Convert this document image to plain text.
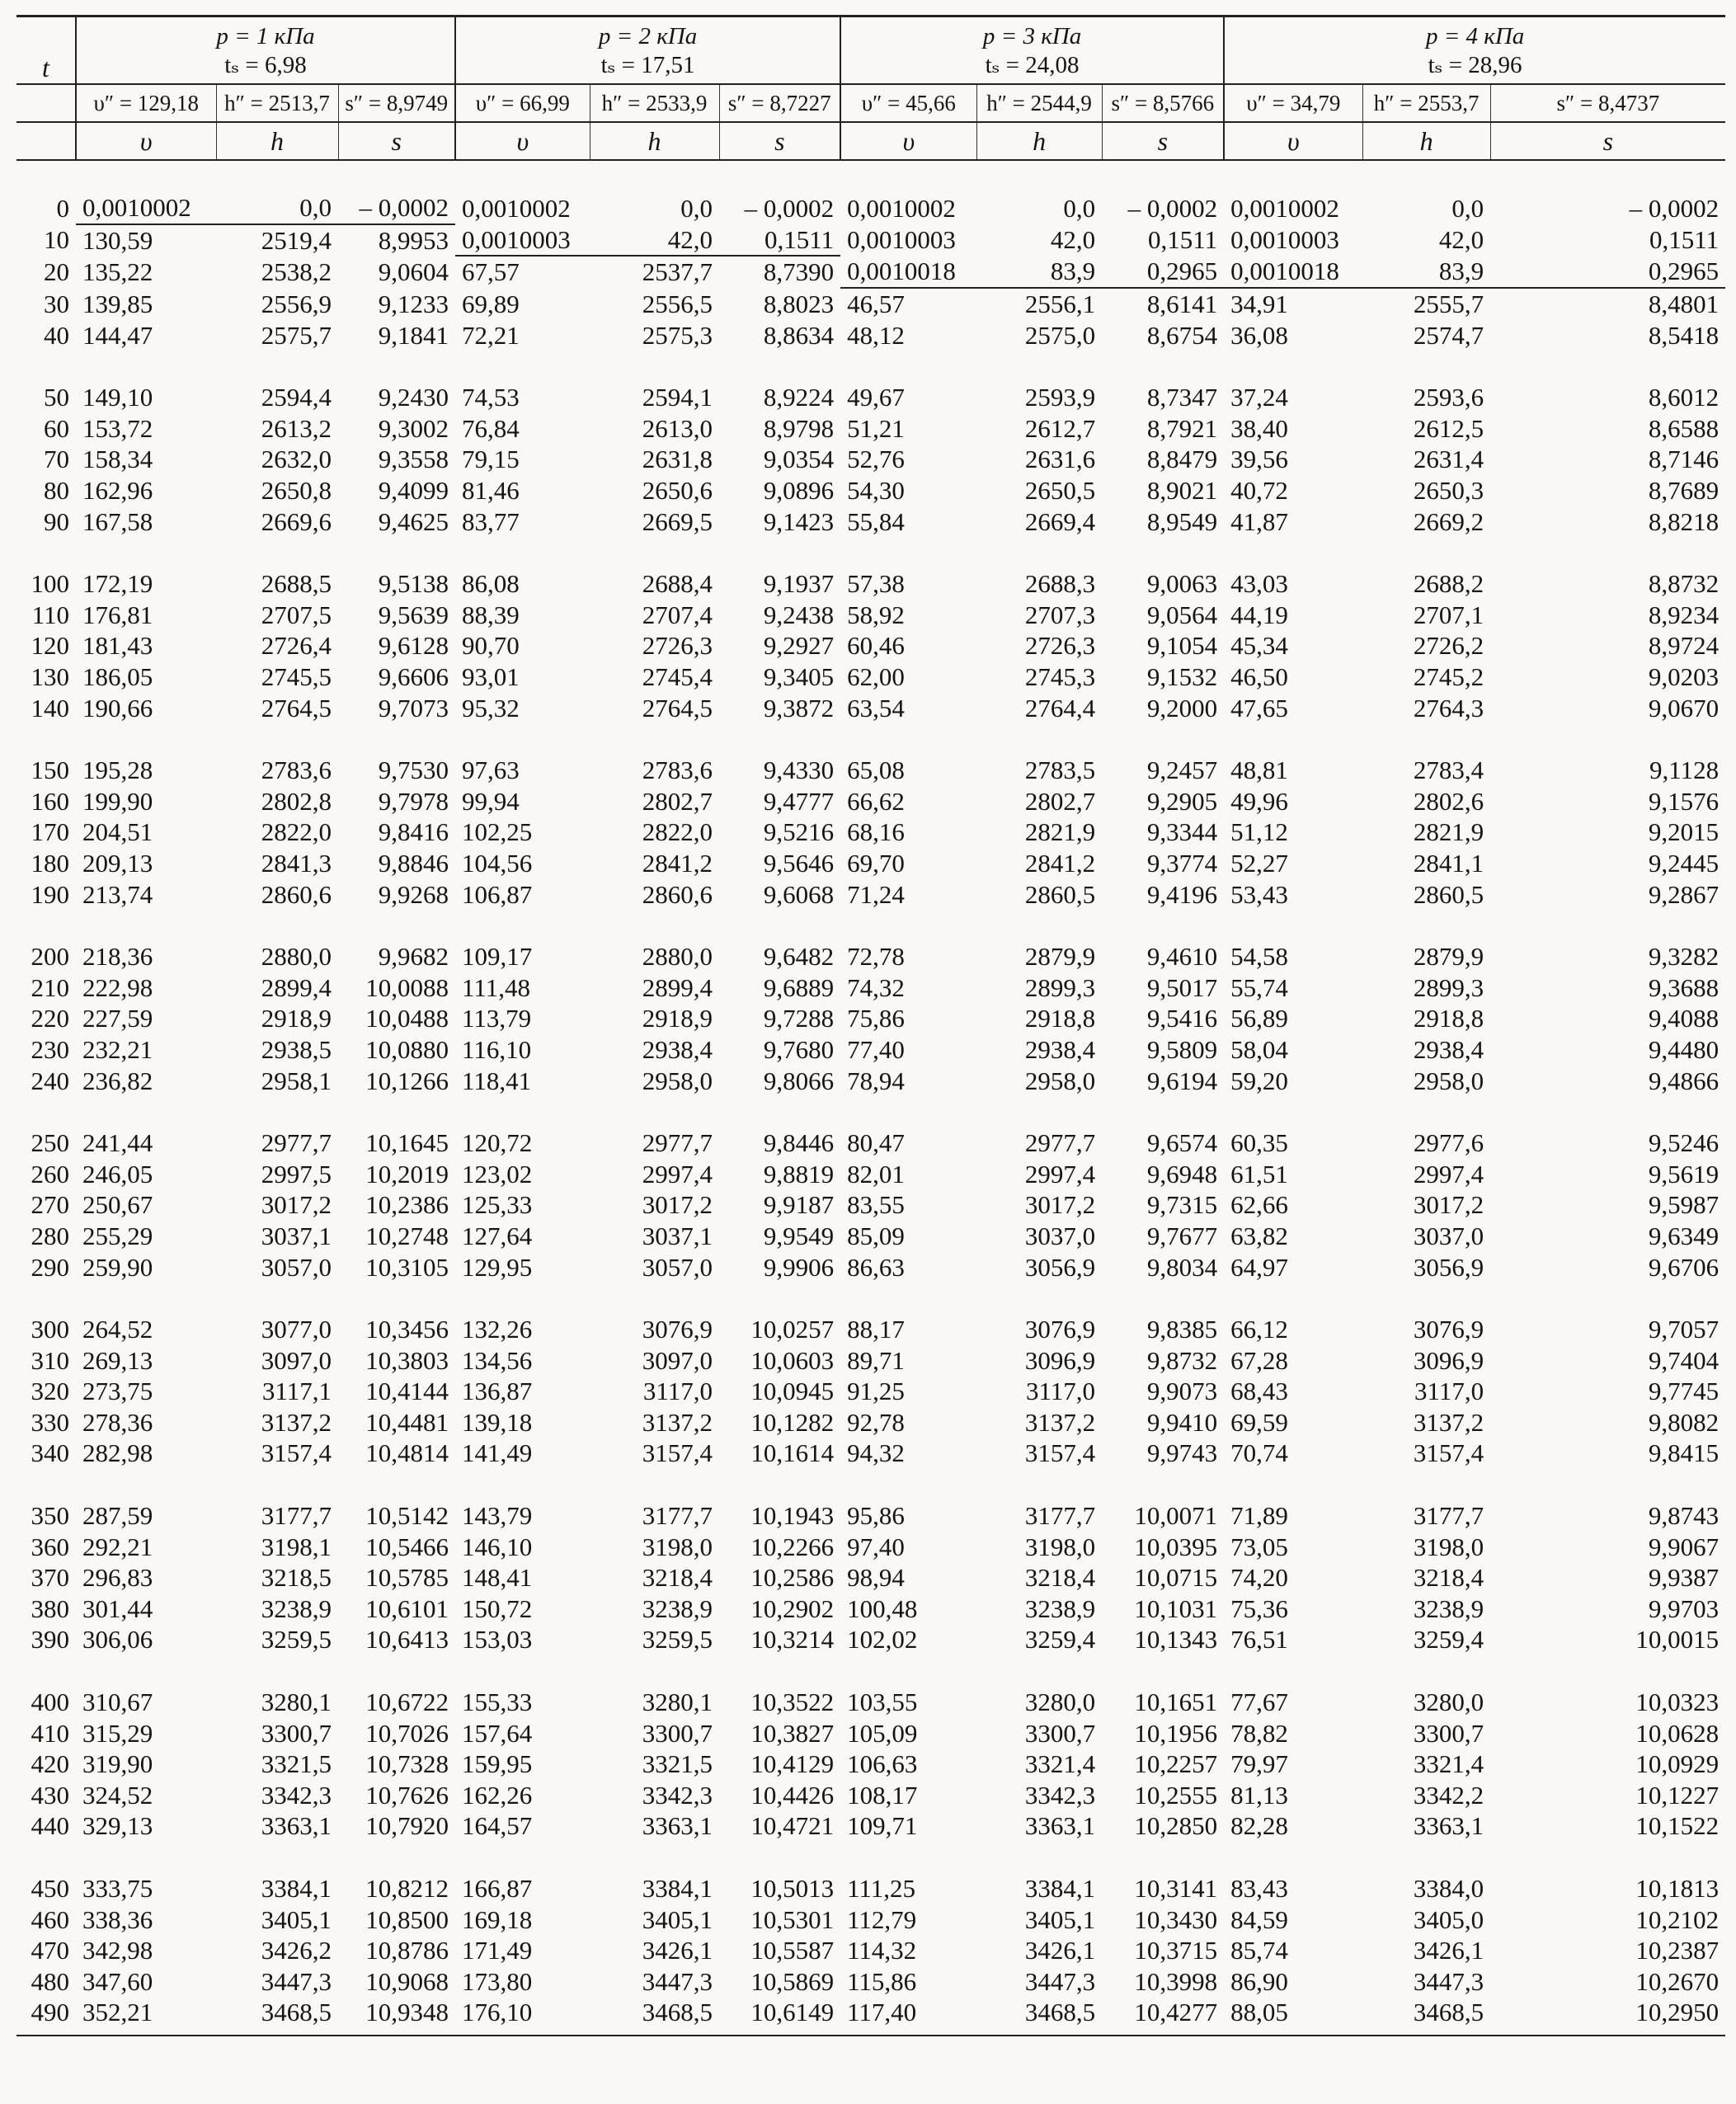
t	p = 1 кПа			p = 2 кПа			p = 3 кПа			p = 4 кПа		
	tₛ = 6,98			tₛ = 17,51			tₛ = 24,08			tₛ = 28,96		
	υ″ = 129,18	h″ = 2513,7	s″ = 8,9749	υ″ = 66,99	h″ = 2533,9	s″ = 8,7227	υ″ = 45,66	h″ = 2544,9	s″ = 8,5766	υ″ = 34,79	h″ = 2553,7	s″ = 8,4737
	υ	h	s	υ	h	s	υ	h	s	υ	h	s

0	0,0010002	0,0	– 0,0002	0,0010002	0,0	– 0,0002	0,0010002	0,0	– 0,0002	0,0010002	0,0	– 0,0002
10	130,59	2519,4	8,9953	0,0010003	42,0	0,1511	0,0010003	42,0	0,1511	0,0010003	42,0	0,1511
20	135,22	2538,2	9,0604	67,57	2537,7	8,7390	0,0010018	83,9	0,2965	0,0010018	83,9	0,2965
30	139,85	2556,9	9,1233	69,89	2556,5	8,8023	46,57	2556,1	8,6141	34,91	2555,7	8,4801
40	144,47	2575,7	9,1841	72,21	2575,3	8,8634	48,12	2575,0	8,6754	36,08	2574,7	8,5418

50	149,10	2594,4	9,2430	74,53	2594,1	8,9224	49,67	2593,9	8,7347	37,24	2593,6	8,6012
60	153,72	2613,2	9,3002	76,84	2613,0	8,9798	51,21	2612,7	8,7921	38,40	2612,5	8,6588
70	158,34	2632,0	9,3558	79,15	2631,8	9,0354	52,76	2631,6	8,8479	39,56	2631,4	8,7146
80	162,96	2650,8	9,4099	81,46	2650,6	9,0896	54,30	2650,5	8,9021	40,72	2650,3	8,7689
90	167,58	2669,6	9,4625	83,77	2669,5	9,1423	55,84	2669,4	8,9549	41,87	2669,2	8,8218

100	172,19	2688,5	9,5138	86,08	2688,4	9,1937	57,38	2688,3	9,0063	43,03	2688,2	8,8732
110	176,81	2707,5	9,5639	88,39	2707,4	9,2438	58,92	2707,3	9,0564	44,19	2707,1	8,9234
120	181,43	2726,4	9,6128	90,70	2726,3	9,2927	60,46	2726,3	9,1054	45,34	2726,2	8,9724
130	186,05	2745,5	9,6606	93,01	2745,4	9,3405	62,00	2745,3	9,1532	46,50	2745,2	9,0203
140	190,66	2764,5	9,7073	95,32	2764,5	9,3872	63,54	2764,4	9,2000	47,65	2764,3	9,0670

150	195,28	2783,6	9,7530	97,63	2783,6	9,4330	65,08	2783,5	9,2457	48,81	2783,4	9,1128
160	199,90	2802,8	9,7978	99,94	2802,7	9,4777	66,62	2802,7	9,2905	49,96	2802,6	9,1576
170	204,51	2822,0	9,8416	102,25	2822,0	9,5216	68,16	2821,9	9,3344	51,12	2821,9	9,2015
180	209,13	2841,3	9,8846	104,56	2841,2	9,5646	69,70	2841,2	9,3774	52,27	2841,1	9,2445
190	213,74	2860,6	9,9268	106,87	2860,6	9,6068	71,24	2860,5	9,4196	53,43	2860,5	9,2867

200	218,36	2880,0	9,9682	109,17	2880,0	9,6482	72,78	2879,9	9,4610	54,58	2879,9	9,3282
210	222,98	2899,4	10,0088	111,48	2899,4	9,6889	74,32	2899,3	9,5017	55,74	2899,3	9,3688
220	227,59	2918,9	10,0488	113,79	2918,9	9,7288	75,86	2918,8	9,5416	56,89	2918,8	9,4088
230	232,21	2938,5	10,0880	116,10	2938,4	9,7680	77,40	2938,4	9,5809	58,04	2938,4	9,4480
240	236,82	2958,1	10,1266	118,41	2958,0	9,8066	78,94	2958,0	9,6194	59,20	2958,0	9,4866

250	241,44	2977,7	10,1645	120,72	2977,7	9,8446	80,47	2977,7	9,6574	60,35	2977,6	9,5246
260	246,05	2997,5	10,2019	123,02	2997,4	9,8819	82,01	2997,4	9,6948	61,51	2997,4	9,5619
270	250,67	3017,2	10,2386	125,33	3017,2	9,9187	83,55	3017,2	9,7315	62,66	3017,2	9,5987
280	255,29	3037,1	10,2748	127,64	3037,1	9,9549	85,09	3037,0	9,7677	63,82	3037,0	9,6349
290	259,90	3057,0	10,3105	129,95	3057,0	9,9906	86,63	3056,9	9,8034	64,97	3056,9	9,6706

300	264,52	3077,0	10,3456	132,26	3076,9	10,0257	88,17	3076,9	9,8385	66,12	3076,9	9,7057
310	269,13	3097,0	10,3803	134,56	3097,0	10,0603	89,71	3096,9	9,8732	67,28	3096,9	9,7404
320	273,75	3117,1	10,4144	136,87	3117,0	10,0945	91,25	3117,0	9,9073	68,43	3117,0	9,7745
330	278,36	3137,2	10,4481	139,18	3137,2	10,1282	92,78	3137,2	9,9410	69,59	3137,2	9,8082
340	282,98	3157,4	10,4814	141,49	3157,4	10,1614	94,32	3157,4	9,9743	70,74	3157,4	9,8415

350	287,59	3177,7	10,5142	143,79	3177,7	10,1943	95,86	3177,7	10,0071	71,89	3177,7	9,8743
360	292,21	3198,1	10,5466	146,10	3198,0	10,2266	97,40	3198,0	10,0395	73,05	3198,0	9,9067
370	296,83	3218,5	10,5785	148,41	3218,4	10,2586	98,94	3218,4	10,0715	74,20	3218,4	9,9387
380	301,44	3238,9	10,6101	150,72	3238,9	10,2902	100,48	3238,9	10,1031	75,36	3238,9	9,9703
390	306,06	3259,5	10,6413	153,03	3259,5	10,3214	102,02	3259,4	10,1343	76,51	3259,4	10,0015

400	310,67	3280,1	10,6722	155,33	3280,1	10,3522	103,55	3280,0	10,1651	77,67	3280,0	10,0323
410	315,29	3300,7	10,7026	157,64	3300,7	10,3827	105,09	3300,7	10,1956	78,82	3300,7	10,0628
420	319,90	3321,5	10,7328	159,95	3321,5	10,4129	106,63	3321,4	10,2257	79,97	3321,4	10,0929
430	324,52	3342,3	10,7626	162,26	3342,3	10,4426	108,17	3342,3	10,2555	81,13	3342,2	10,1227
440	329,13	3363,1	10,7920	164,57	3363,1	10,4721	109,71	3363,1	10,2850	82,28	3363,1	10,1522

450	333,75	3384,1	10,8212	166,87	3384,1	10,5013	111,25	3384,1	10,3141	83,43	3384,0	10,1813
460	338,36	3405,1	10,8500	169,18	3405,1	10,5301	112,79	3405,1	10,3430	84,59	3405,0	10,2102
470	342,98	3426,2	10,8786	171,49	3426,1	10,5587	114,32	3426,1	10,3715	85,74	3426,1	10,2387
480	347,60	3447,3	10,9068	173,80	3447,3	10,5869	115,86	3447,3	10,3998	86,90	3447,3	10,2670
490	352,21	3468,5	10,9348	176,10	3468,5	10,6149	117,40	3468,5	10,4277	88,05	3468,5	10,2950
